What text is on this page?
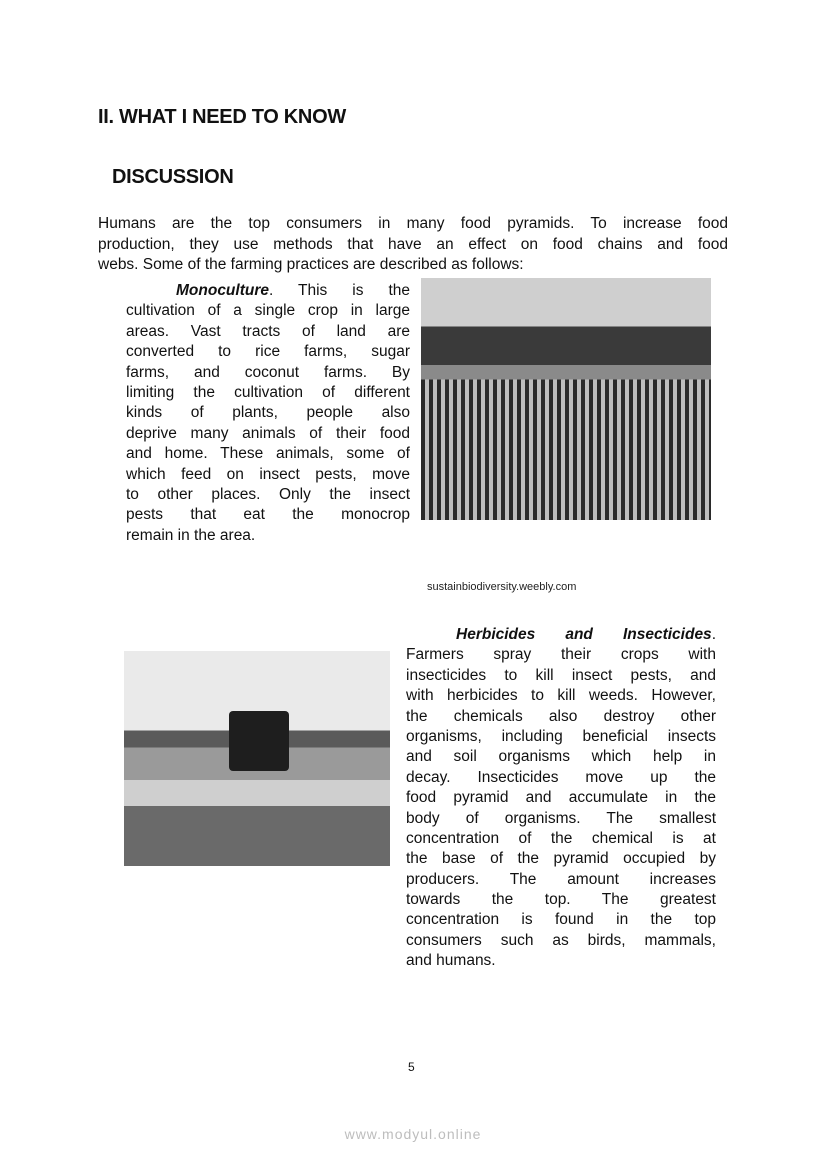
II. WHAT I NEED TO KNOW
DISCUSSION
Humans are the top consumers in many food pyramids. To increase food
production, they use methods that have an effect on food chains and food
webs. Some of the farming practices are described as follows:
Monoculture. This is the
cultivation of a single crop in large
areas. Vast tracts of land are
converted to rice farms, sugar
farms, and coconut farms. By
limiting the cultivation of different
kinds of plants, people also
deprive many animals of their food
and home. These animals, some of
which feed on insect pests, move
to other places. Only the insect
pests that eat the monocrop
remain in the area.
sustainbiodiversity.weebly.com
Herbicides and Insecticides.
Farmers spray their crops with
insecticides to kill insect pests, and
with herbicides to kill weeds. However,
the chemicals also destroy other
organisms, including beneficial insects
and soil organisms which help in
decay. Insecticides move up the
food pyramid and accumulate in the
body of organisms. The smallest
concentration of the chemical is at
the base of the pyramid occupied by
producers. The amount increases
towards the top. The greatest
concentration is found in the top
consumers such as birds, mammals,
and humans.
5
www.modyul.online
